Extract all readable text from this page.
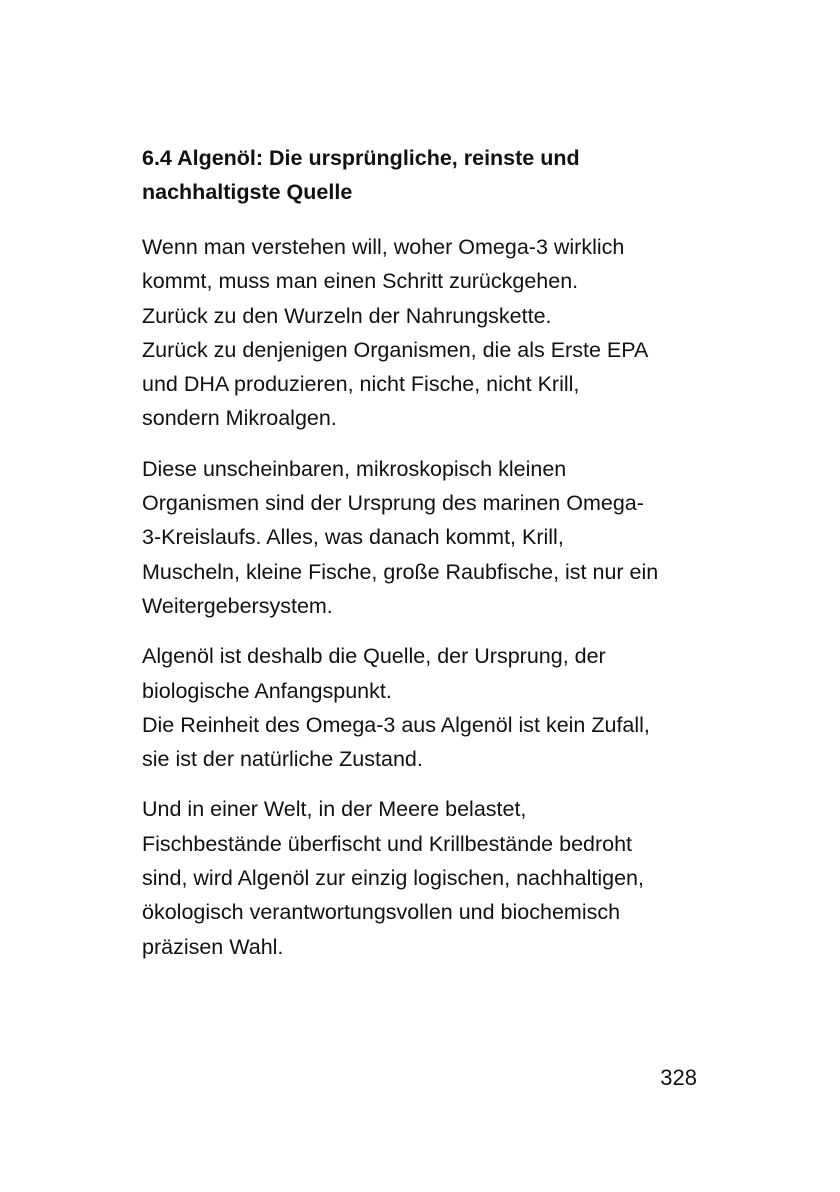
6.4 Algenöl: Die ursprüngliche, reinste und
nachhaltigste Quelle

Wenn man verstehen will, woher Omega-3 wirklich
kommt, muss man einen Schritt zurückgehen.
Zurück zu den Wurzeln der Nahrungskette.
Zurück zu denjenigen Organismen, die als Erste EPA
und DHA produzieren, nicht Fische, nicht Krill,
sondern Mikroalgen.

Diese unscheinbaren, mikroskopisch kleinen
Organismen sind der Ursprung des marinen Omega-
3-Kreislaufs. Alles, was danach kommt, Krill,
Muscheln, kleine Fische, große Raubfische, ist nur ein
Weitergebersystem.

Algenöl ist deshalb die Quelle, der Ursprung, der
biologische Anfangspunkt.
Die Reinheit des Omega-3 aus Algenöl ist kein Zufall,
sie ist der natürliche Zustand.

Und in einer Welt, in der Meere belastet,
Fischbestände überfischt und Krillbestände bedroht
sind, wird Algenöl zur einzig logischen, nachhaltigen,
ökologisch verantwortungsvollen und biochemisch
präzisen Wahl.

328
